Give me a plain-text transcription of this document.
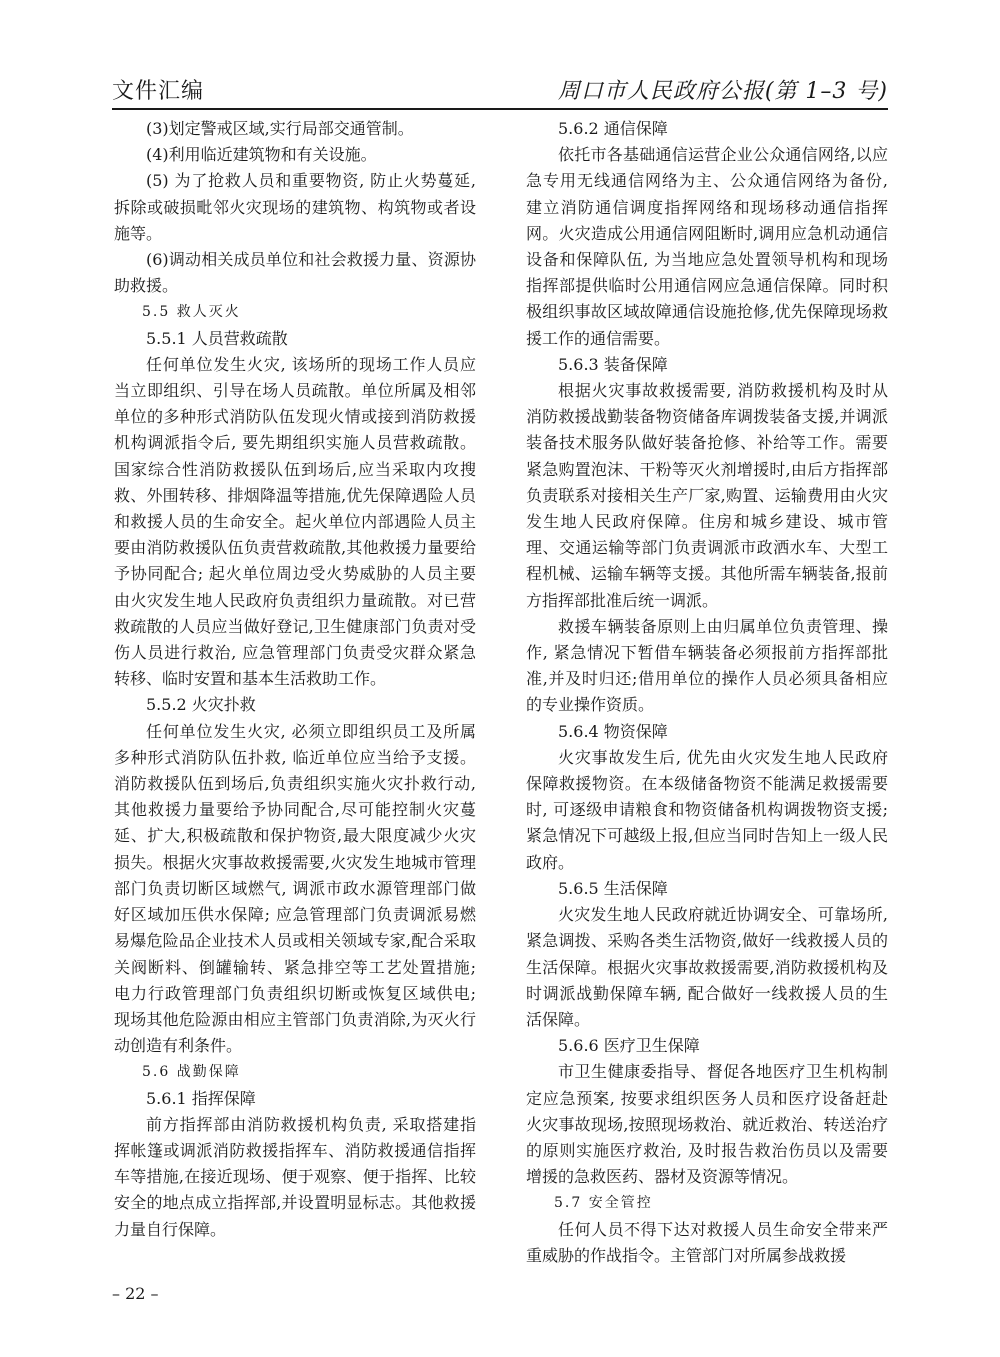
文件汇编	周口市人民政府公报(第 1–3 号)

(3)划定警戒区域,实行局部交通管制。

(4)利用临近建筑物和有关设施。

(5) 为了抢救人员和重要物资, 防止火势蔓延,拆除或破损毗邻火灾现场的建筑物、构筑物或者设施等。

(6)调动相关成员单位和社会救援力量、资源协助救援。

5.5 救人灭火

5.5.1 人员营救疏散

任何单位发生火灾, 该场所的现场工作人员应当立即组织、引导在场人员疏散。单位所属及相邻单位的多种形式消防队伍发现火情或接到消防救援机构调派指令后, 要先期组织实施人员营救疏散。国家综合性消防救援队伍到场后,应当采取内攻搜救、外围转移、排烟降温等措施,优先保障遇险人员和救援人员的生命安全。起火单位内部遇险人员主要由消防救援队伍负责营救疏散,其他救援力量要给予协同配合; 起火单位周边受火势威胁的人员主要由火灾发生地人民政府负责组织力量疏散。对已营救疏散的人员应当做好登记,卫生健康部门负责对受伤人员进行救治, 应急管理部门负责受灾群众紧急转移、临时安置和基本生活救助工作。

5.5.2 火灾扑救

任何单位发生火灾, 必须立即组织员工及所属多种形式消防队伍扑救, 临近单位应当给予支援。消防救援队伍到场后,负责组织实施火灾扑救行动,其他救援力量要给予协同配合,尽可能控制火灾蔓延、扩大,积极疏散和保护物资,最大限度减少火灾损失。根据火灾事故救援需要,火灾发生地城市管理部门负责切断区域燃气, 调派市政水源管理部门做好区域加压供水保障; 应急管理部门负责调派易燃易爆危险品企业技术人员或相关领域专家,配合采取关阀断料、倒罐输转、紧急排空等工艺处置措施; 电力行政管理部门负责组织切断或恢复区域供电; 现场其他危险源由相应主管部门负责消除,为灭火行动创造有利条件。

5.6 战勤保障

5.6.1 指挥保障

前方指挥部由消防救援机构负责, 采取搭建指挥帐篷或调派消防救援指挥车、消防救援通信指挥车等措施,在接近现场、便于观察、便于指挥、比较安全的地点成立指挥部,并设置明显标志。其他救援力量自行保障。

5.6.2 通信保障

依托市各基础通信运营企业公众通信网络,以应急专用无线通信网络为主、公众通信网络为备份, 建立消防通信调度指挥网络和现场移动通信指挥网。火灾造成公用通信网阻断时,调用应急机动通信设备和保障队伍, 为当地应急处置领导机构和现场指挥部提供临时公用通信网应急通信保障。同时积极组织事故区域故障通信设施抢修,优先保障现场救援工作的通信需要。

5.6.3 装备保障

根据火灾事故救援需要, 消防救援机构及时从消防救援战勤装备物资储备库调拨装备支援,并调派装备技术服务队做好装备抢修、补给等工作。需要紧急购置泡沫、干粉等灭火剂增援时,由后方指挥部负责联系对接相关生产厂家,购置、运输费用由火灾发生地人民政府保障。住房和城乡建设、城市管理、交通运输等部门负责调派市政洒水车、大型工程机械、运输车辆等支援。其他所需车辆装备,报前方指挥部批准后统一调派。

救援车辆装备原则上由归属单位负责管理、操作, 紧急情况下暂借车辆装备必须报前方指挥部批准,并及时归还;借用单位的操作人员必须具备相应的专业操作资质。

5.6.4 物资保障

火灾事故发生后, 优先由火灾发生地人民政府保障救援物资。在本级储备物资不能满足救援需要时, 可逐级申请粮食和物资储备机构调拨物资支援;紧急情况下可越级上报,但应当同时告知上一级人民政府。

5.6.5 生活保障

火灾发生地人民政府就近协调安全、可靠场所,紧急调拨、采购各类生活物资,做好一线救援人员的生活保障。根据火灾事故救援需要,消防救援机构及时调派战勤保障车辆, 配合做好一线救援人员的生活保障。

5.6.6 医疗卫生保障

市卫生健康委指导、督促各地医疗卫生机构制定应急预案, 按要求组织医务人员和医疗设备赶赴火灾事故现场,按照现场救治、就近救治、转送治疗的原则实施医疗救治, 及时报告救治伤员以及需要增援的急救医药、器材及资源等情况。

5.7 安全管控

任何人员不得下达对救援人员生命安全带来严重威胁的作战指令。主管部门对所属参战救援

– 22 –
